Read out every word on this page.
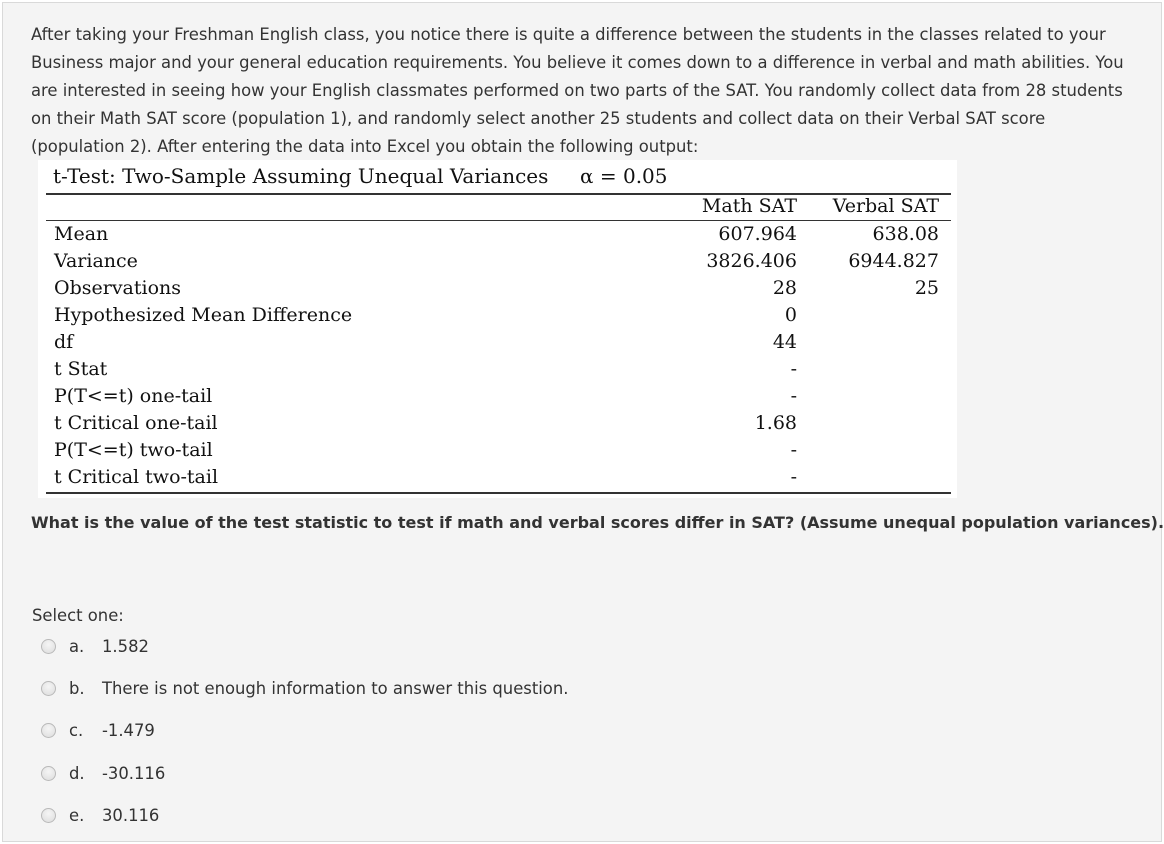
After taking your Freshman English class, you notice there is quite a difference between the students in the classes related to your Business major and your general education requirements. You believe it comes down to a difference in verbal and math abilities. You are interested in seeing how your English classmates performed on two parts of the SAT. You randomly collect data from 28 students on their Math SAT score (population 1), and randomly select another 25 students and collect data on their Verbal SAT score (population 2). After entering the data into Excel you obtain the following output:

t-Test: Two-Sample Assuming Unequal Variances α = 0.05
Math SAT Verbal SAT
Mean	607.964	638.08
Variance	3826.406	6944.827
Observations	28	25
Hypothesized Mean Difference	0
df	44
t Stat	-
P(T<=t) one-tail	-
t Critical one-tail	1.68
P(T<=t) two-tail	-
t Critical two-tail	-

What is the value of the test statistic to test if math and verbal scores differ in SAT? (Assume unequal population variances).

Select one:
a. 1.582
b. There is not enough information to answer this question.
c. -1.479
d. -30.116
e. 30.116
